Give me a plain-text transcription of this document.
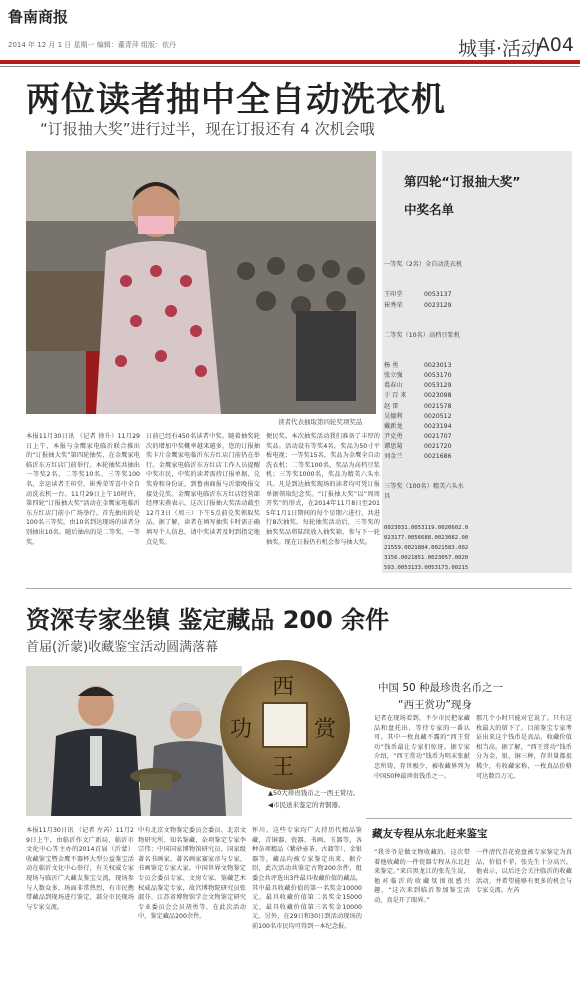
鲁南商报
2014 年 12 月 1 日 星期一 编辑：董青萍 组版：依丹	城事·活动
A04
两位读者抽中全自动洗衣机
“订报抽大奖”进行过半，现在订报还有 4 次机会哦
读者代表抽取第四轮奖项奖品
本报11月30日讯 （记者 徐升）11月29日上午，本报与金鹰家电临沂联合推出的“订报抽大奖”第四轮抽奖，在金鹰家电临沂东方红店门前举行。本轮抽奖共抽出一等奖2名、二等奖10名、三等奖100名，幸运读者王印堂、崔秀荣等喜中全自动洗衣机一台。11月29日上午10时许，第四轮“订报抽大奖”活动在金鹰家电临沂东方红店门前小广场举行。首先抽出的是100名三等奖，由10名到达现场的读者分别抽出10名。随后抽出的是二等奖、一等奖。
日前已经有450名读者中奖。随着抽奖轮次的增加中奖概率越来越多，您的订报抽奖卡片金鹰家电临沂东方红店门前仍在举行。金鹰家电临沂东方红店工作人员提醒中奖市民，中奖的读者需持订报单据、兑奖券和身份证，到鲁南商报与沂蒙晚报交接处兑奖。金鹰家电临沂东方红店经营部经理宋燕表示，这次订报抽大奖活动截至12月3日（周三）下午5点前兑奖领取奖品。据了解，读者在填写抽奖卡时需正确填写个人信息，请中奖读者及时到指定地点兑奖。
便民奖。本次抽奖活动我们准备了丰厚的奖品。活动设有等奖4名，奖品为50寸平板电视；一等奖15名，奖品为金鹰全自动洗衣机；二等奖100名，奖品为高档豆浆机；三等奖1000名，奖品为精美六头水具。凡是到达抽奖现场的读者均可凭订报单据领取纪念奖。“订报抽大奖”以“周周开奖”的形式，在2014年11月8日至2015年1月1日期间的每个星期六进行，共进行8次抽奖。每轮抽奖活动后，三等奖的抽奖奖品将陆续放入抽奖箱，参与下一轮抽奖。现在订报仍有机会参与抽大奖。
第四轮“订报抽大奖”
中奖名单

一等奖（2名）全自动洗衣机

王印堂	0053137
崔秀荣	0023129

二等奖（10名）高档豆浆机

杨 勇	0023013
张立强	0053170
葛春山	0053129
于 百 来	0023098
赵 雷	0021578
吴德利	0020512
戴新龙	0023194
尹克勇	0021707
谭思菊	0021720
刘金兰	0021686

三等奖（100名）精美六头水具

0023031.0053119.0020602.0023177.0056688.0023082.0021559.0021884.0021583.0023156.0021851.0023057.0020593.0053133.0053173.00215

资深专家坐镇 鉴定藏品 200 余件
首届(沂蒙)收藏鉴宝活动圆满落幕
西
王
赏
功
▲50大珍贵钱币之一西王赏功。
◀市民送来鉴定的青铜器。
本报11月30日讯 （记者 左芮）11月29日上午，由临沂作文广新局、临沂市文化中心等主办的2014首届（沂蒙）收藏鉴宝暨金鹰不器杯大型公益鉴宝活动在临沂文化中心举行，有关权威专家现场与临沂广大藏友鉴宝交流，现场参与人数众多，场面非常热烈，有市民携带藏品到现场进行鉴定，部分市民现场与专家交流。
中有北京文物鉴定委员会委员、北京文物研究所、知名鉴藏、杂项鉴定专家李宗伟；中国国家博物馆研究员、国家级著名书画家、著名画家赛家帝与专家、书画鉴定专家大家。中国世界文物鉴定专员会委员专家、文房专家、鉴藏艺术权威品鉴定专家，故宫博物院研究员张淑芬、江苏省博物馆学会文物鉴定研究专业委员会会员胡勇等，在此次活动中，鉴定藏品200余件。
怀川。这些专家均广大持历代精品鉴藏，青铜器、瓷器、书画、玉器等，各种杂项精品（紫砂壶茶、古籍等）、金银器等，藏品均被专家鉴定出来。据介绍，此次活动共鉴定古物200余件，组委会共评选出3件最具收藏价值的藏品，其中最具收藏价值的第一名奖金10000元，最具收藏价值第二名奖金15000元，最具收藏价值第三名奖金10000元。另外，在29日和30日到活动现场的前100名市民均可得到一本纪念报。
中国 50 种最珍贵名币之一
“西王赏功”现身
记者在现场看到，不少市民把家藏品和盘托出，等待专家的一番认可。其中一枚真藏不露的“西王赏功”钱币最让专家们惊讶。据专家介绍，“西王赏功”钱币为明末张献忠所铸，存世极少，被收藏界列为中国50种最珍贵钱币之一。
那几个小时只能对它说了。只有这枚最大的留下了。目前鉴宝专家考证出来这个钱币是真品，收藏价值相当高。据了解，“西王赏功”钱币分为金、银、铜三种，存世量都很稀少，有收藏家称，一枚真品价格可达数百万元。
藏友专程从东北赶来鉴宝
“我爷爷是做文物收藏的，这次带着他收藏的一件瓷器专程从东北赶来鉴定。”来自黑龙江的张先生说，他对临沂的收藏氛围很感兴趣，“这次来到临沂参加鉴宝活动，真是开了眼界。”
一件清代青花瓷盘被专家鉴定为真品，价值不菲，张先生十分高兴。他表示，以后还会关注临沂的收藏活动，并希望能够有更多的机会与专家交流。左芮
